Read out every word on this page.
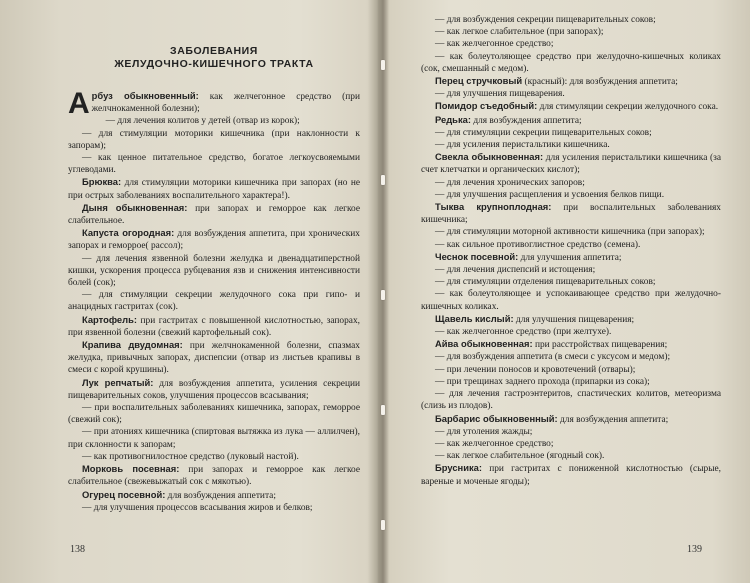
ЗАБОЛЕВАНИЯ
ЖЕЛУДОЧНО-КИШЕЧНОГО ТРАКТА

Арбуз обыкновенный: как желчегонное средство (при желчнокаменной болезни);

— для лечения колитов у детей (отвар из корок);

— для стимуляции моторики кишечника (при наклонности к запорам);

— как ценное питательное средство, богатое легкоусвояемыми углеводами.

Брюква: для стимуляции моторики кишечника при запорах (но не при острых заболеваниях воспалительного характера!).

Дыня обыкновенная: при запорах и геморрое как легкое слабительное.

Капуста огородная: для возбуждения аппетита, при хронических запорах и геморрое( рассол);

— для лечения язвенной болезни желудка и двенадцатиперстной кишки, ускорения процесса рубцевания язв и снижения интенсивности болей (сок);

— для стимуляции секреции желудочного сока при гипо- и анацидных гастритах (сок).

Картофель: при гастритах с повышенной кислотностью, запорах, при язвенной болезни (свежий картофельный сок).

Крапива двудомная: при желчнокаменной болезни, спазмах желудка, привычных запорах, диспепсии (отвар из листьев крапивы в смеси с корой крушины).

Лук репчатый: для возбуждения аппетита, усиления секреции пищеварительных соков, улучшения процессов всасывания;

— при воспалительных заболеваниях кишечника, запорах, геморрое (свежий сок);

— при атониях кишечника (спиртовая вытяжка из лука — аллилчен), при склонности к запорам;

— как противогнилостное средство (луковый настой).

Морковь посевная: при запорах и геморрое как легкое слабительное (свежевыжатый сок с мякотью).

Огурец посевной: для возбуждения аппетита;

— для улучшения процессов всасывания жиров и белков;

138

— для возбуждения секреции пищеварительных соков;

— как легкое слабительное (при запорах);

— как желчегонное средство;

— как болеутоляющее средство при желудочно-кишечных коликах (сок, смешанный с медом).

Перец стручковый (красный): для возбуждения аппетита;

— для улучшения пищеварения.

Помидор съедобный: для стимуляции секреции желудочного сока.

Редька: для возбуждения аппетита;

— для стимуляции секреции пищеварительных соков;

— для усиления перистальтики кишечника.

Свекла обыкновенная: для усиления перистальтики кишечника (за счет клетчатки и органических кислот);

— для лечения хронических запоров;

— для улучшения расщепления и усвоения белков пищи.

Тыква крупноплодная: при воспалительных заболеваниях кишечника;

— для стимуляции моторной активности кишечника (при запорах);

— как сильное противоглистное средство (семена).

Чеснок посевной: для улучшения аппетита;

— для лечения диспепсий и истощения;

— для стимуляции отделения пищеварительных соков;

— как болеутоляющее и успокаивающее средство при желудочно-кишечных коликах.

Щавель кислый: для улучшения пищеварения;

— как желчегонное средство (при желтухе).

Айва обыкновенная: при расстройствах пищеварения;

— для возбуждения аппетита (в смеси с уксусом и медом);

— при лечении поносов и кровотечений (отвары);

— при трещинах заднего прохода (припарки из сока);

— для лечения гастроэнтеритов, спастических колитов, метеоризма (слизь из плодов).

Барбарис обыкновенный: для возбуждения аппетита;

— для утоления жажды;

— как желчегонное средство;

— как легкое слабительное (ягодный сок).

Брусника: при гастритах с пониженной кислотностью (сырые, вареные и моченые ягоды);

139
